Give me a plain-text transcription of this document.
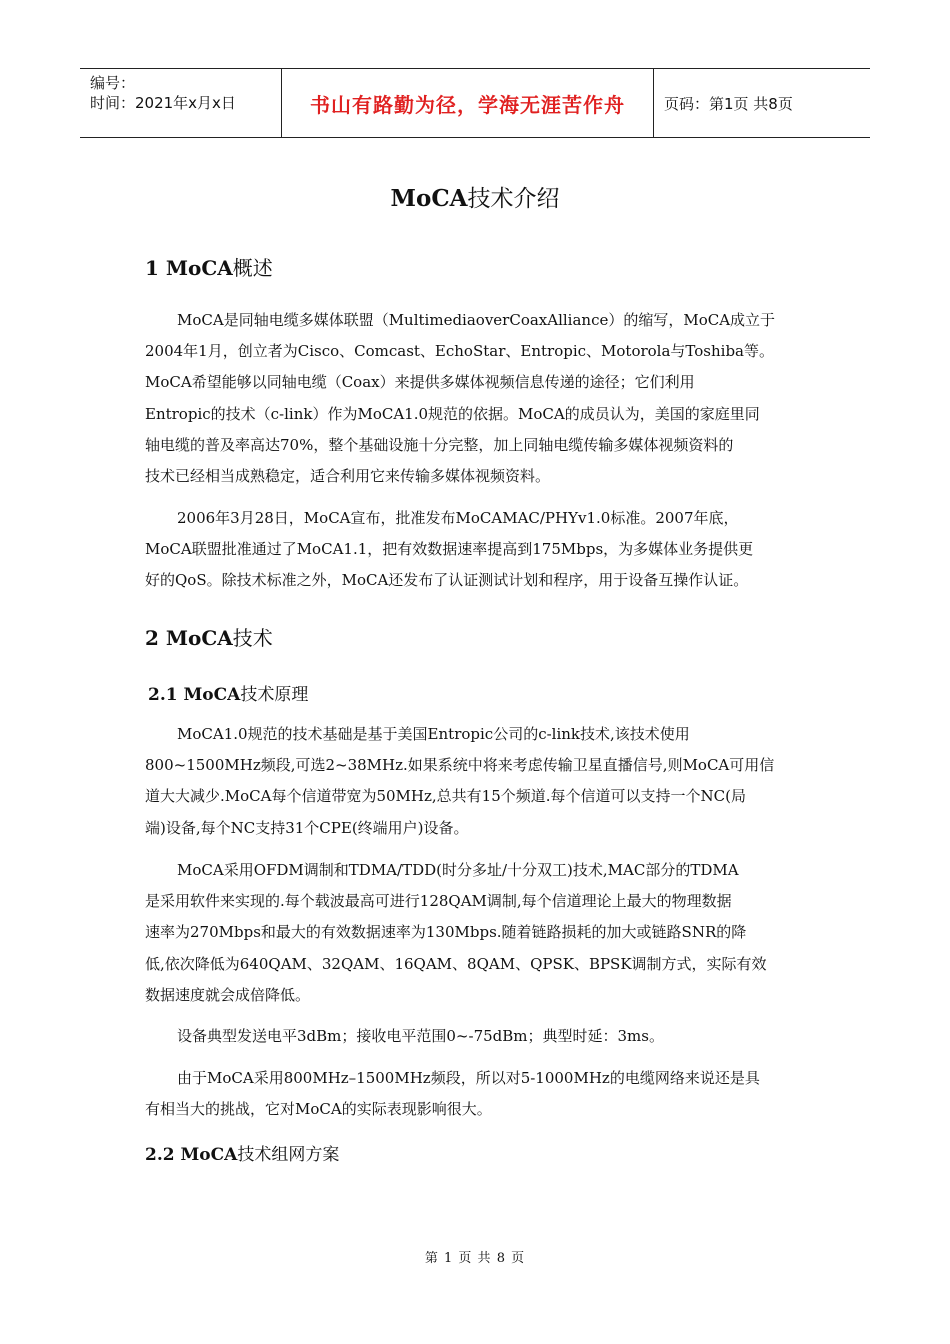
编号：
时间：2021年x月x日	书山有路勤为径，学海无涯苦作舟	页码：第1页 共8页
MoCA技术介绍
1 MoCA概述
MoCA是同轴电缆多媒体联盟（MultimediaoverCoaxAlliance）的缩写，MoCA成立于
2004年1月，创立者为Cisco、Comcast、EchoStar、Entropic、Motorola与Toshiba等。
MoCA希望能够以同轴电缆（Coax）来提供多媒体视频信息传递的途径；它们利用
Entropic的技术（c-link）作为MoCA1.0规范的依据。MoCA的成员认为，美国的家庭里同
轴电缆的普及率高达70%，整个基础设施十分完整，加上同轴电缆传输多媒体视频资料的
技术已经相当成熟稳定，适合利用它来传输多媒体视频资料。
2006年3月28日，MoCA宣布，批准发布MoCAMAC/PHYv1.0标准。2007年底，
MoCA联盟批准通过了MoCA1.1，把有效数据速率提高到175Mbps，为多媒体业务提供更
好的QoS。除技术标准之外，MoCA还发布了认证测试计划和程序，用于设备互操作认证。
2 MoCA技术
2.1 MoCA技术原理
MoCA1.0规范的技术基础是基于美国Entropic公司的c-link技术,该技术使用
800~1500MHz频段,可选2~38MHz.如果系统中将来考虑传输卫星直播信号,则MoCA可用信
道大大减少.MoCA每个信道带宽为50MHz,总共有15个频道.每个信道可以支持一个NC(局
端)设备,每个NC支持31个CPE(终端用户)设备。
MoCA采用OFDM调制和TDMA/TDD(时分多址/十分双工)技术,MAC部分的TDMA
是采用软件来实现的.每个载波最高可进行128QAM调制,每个信道理论上最大的物理数据
速率为270Mbps和最大的有效数据速率为130Mbps.随着链路损耗的加大或链路SNR的降
低,依次降低为640QAM、32QAM、16QAM、8QAM、QPSK、BPSK调制方式，实际有效
数据速度就会成倍降低。
设备典型发送电平3dBm；接收电平范围0~-75dBm；典型时延：3ms。
由于MoCA采用800MHz–1500MHz频段，所以对5-1000MHz的电缆网络来说还是具
有相当大的挑战，它对MoCA的实际表现影响很大。
2.2 MoCA技术组网方案
第 1 页 共 8 页
